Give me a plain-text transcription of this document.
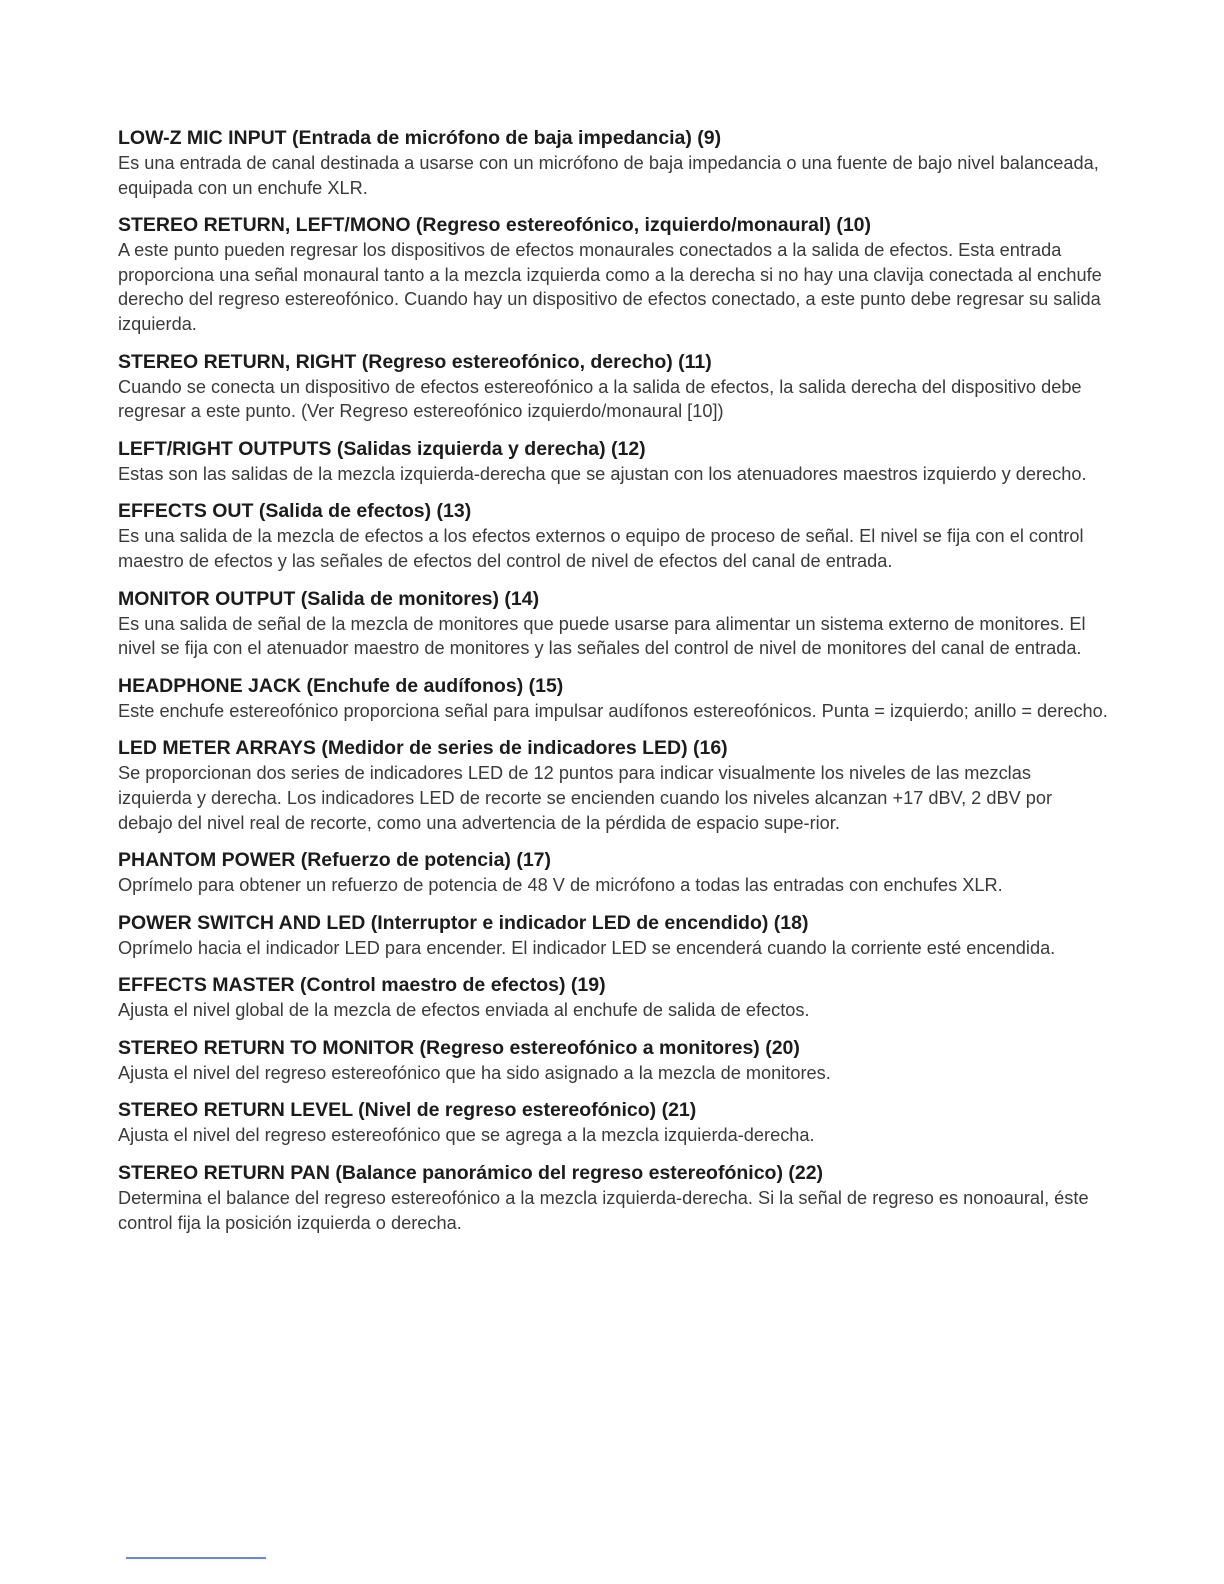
LOW-Z MIC INPUT (Entrada de micrófono de baja impedancia) (9)

Es una entrada de canal destinada a usarse con un micrófono de baja impedancia o una fuente de bajo nivel balanceada, equipada con un enchufe XLR.

STEREO RETURN, LEFT/MONO (Regreso estereofónico, izquierdo/monaural) (10)

A este punto pueden regresar los dispositivos de efectos monaurales conectados a la salida de efectos. Esta entrada proporciona una señal monaural tanto a la mezcla izquierda como a la derecha si no hay una clavija conectada al enchufe derecho del regreso estereofónico. Cuando hay un dispositivo de efectos conectado, a este punto debe regresar su salida izquierda.

STEREO RETURN, RIGHT (Regreso estereofónico, derecho) (11)

Cuando se conecta un dispositivo de efectos estereofónico a la salida de efectos, la salida derecha del dispositivo debe regresar a este punto. (Ver Regreso estereofónico izquierdo/monaural [10])

LEFT/RIGHT OUTPUTS (Salidas izquierda y derecha) (12)

Estas son las salidas de la mezcla izquierda-derecha que se ajustan con los atenuadores maestros izquierdo y derecho.

EFFECTS OUT (Salida de efectos) (13)

Es una salida de la mezcla de efectos a los efectos externos o equipo de proceso de señal. El nivel se fija con el control maestro de efectos y las señales de efectos del control de nivel de efectos del canal de entrada.

MONITOR OUTPUT (Salida de monitores) (14)

Es una salida de señal de la mezcla de monitores que puede usarse para alimentar un sistema externo de monitores. El nivel se fija con el atenuador maestro de monitores y las señales del control de nivel de monitores del canal de entrada.

HEADPHONE JACK (Enchufe de audífonos) (15)

Este enchufe estereofónico proporciona señal para impulsar audífonos estereofónicos. Punta = izquierdo; anillo = derecho.

LED METER ARRAYS (Medidor de series de indicadores LED) (16)

Se proporcionan dos series de indicadores LED de 12 puntos para indicar visualmente los niveles de las mezclas izquierda y derecha. Los indicadores LED de recorte se encienden cuando los niveles alcanzan +17 dBV, 2 dBV por debajo del nivel real de recorte, como una advertencia de la pérdida de espacio supe-rior.

PHANTOM POWER (Refuerzo de potencia) (17)

Oprímelo para obtener un refuerzo de potencia de 48 V de micrófono a todas las entradas con enchufes XLR.

POWER SWITCH AND LED (Interruptor e indicador LED de encendido) (18)

Oprímelo hacia el indicador LED para encender. El indicador LED se encenderá cuando la corriente esté encendida.

EFFECTS MASTER (Control maestro de efectos) (19)

Ajusta el nivel global de la mezcla de efectos enviada al enchufe de salida de efectos.

STEREO RETURN TO MONITOR (Regreso estereofónico a monitores) (20)

Ajusta el nivel del regreso estereofónico que ha sido asignado a la mezcla de monitores.

STEREO RETURN LEVEL (Nivel de regreso estereofónico) (21)

Ajusta el nivel del regreso estereofónico que se agrega a la mezcla izquierda-derecha.

STEREO RETURN PAN (Balance panorámico del regreso estereofónico) (22)

Determina el balance del regreso estereofónico a la mezcla izquierda-derecha. Si la señal de regreso es nonoaural, éste control fija la posición izquierda o derecha.
